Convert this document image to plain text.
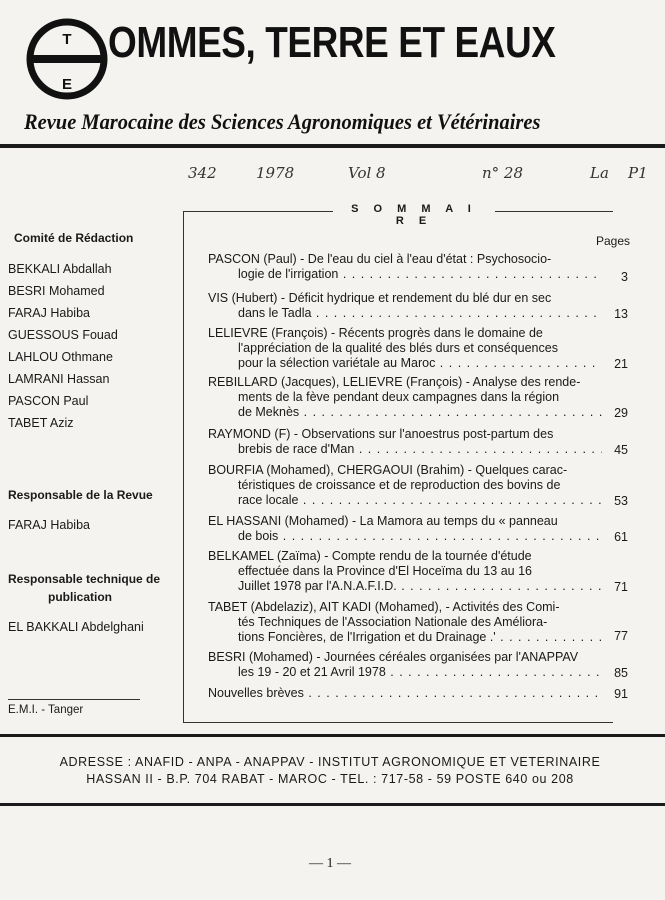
T
E
OMMES, TERRE ET EAUX
Revue Marocaine des Sciences Agronomiques et Vétérinaires
342	1978	Vol 8	n° 28	La P1
Comité de Rédaction
BEKKALI Abdallah
BESRI Mohamed
FARAJ Habiba
GUESSOUS Fouad
LAHLOU Othmane
LAMRANI Hassan
PASCON Paul
TABET Aziz
Responsable de la Revue
FARAJ Habiba
Responsable technique de
publication
EL BAKKALI Abdelghani
E.M.I. - Tanger
S O M M A I R E
Pages
PASCON (Paul) - De l'eau du ciel à l'eau d'état : Psychosocio-
logie de l'irrigation . . .	3
VIS (Hubert) - Déficit hydrique et rendement du blé dur en sec
dans le Tadla . . .	13
LELIEVRE (François) - Récents progrès dans le domaine de
l'appréciation de la qualité des blés durs et conséquences
pour la sélection variétale au Maroc . . .	21
REBILLARD (Jacques), LELIEVRE (François) - Analyse des rende-
ments de la fève pendant deux campagnes dans la région
de Meknès . . .	29
RAYMOND (F) - Observations sur l'anoestrus post-partum des
brebis de race d'Man . . .	45
BOURFIA (Mohamed), CHERGAOUI (Brahim) - Quelques carac-
téristiques de croissance et de reproduction des bovins de
race locale . . .	53
EL HASSANI (Mohamed) - La Mamora au temps du « panneau
de bois . . .	61
BELKAMEL (Zaïma) - Compte rendu de la tournée d'étude
effectuée dans la Province d'El Hoceïma du 13 au 16
Juillet 1978 par l'A.N.A.F.I.D. . . .	71
TABET (Abdelaziz), AIT KADI (Mohamed), - Activités des Comi-
tés Techniques de l'Association Nationale des Améliora-
tions Foncières, de l'Irrigation et du Drainage .' . . .	77
BESRI (Mohamed) - Journées céréales organisées par l'ANAPPAV
les 19 - 20 et 21 Avril 1978 . . .	85
Nouvelles brèves . . .	91
ADRESSE : ANAFID - ANPA - ANAPPAV - INSTITUT AGRONOMIQUE ET VETERINAIRE
HASSAN II - B.P. 704 RABAT - MAROC - TEL. : 717-58 - 59 POSTE 640 ou 208
— 1 —
